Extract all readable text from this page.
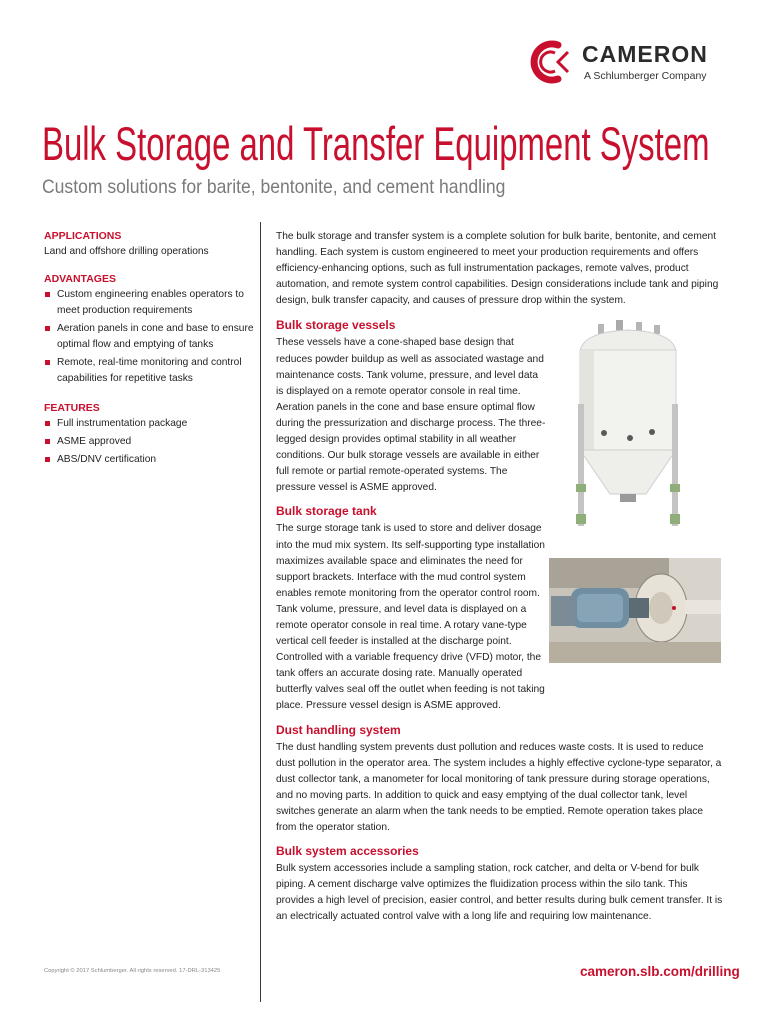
CAMERON
A Schlumberger Company
Bulk Storage and Transfer Equipment System
Custom solutions for barite, bentonite, and cement handling

APPLICATIONS

Land and offshore drilling operations

ADVANTAGES

Custom engineering enables operators to meet production requirements
Aeration panels in cone and base to ensure optimal flow and emptying of tanks
Remote, real-time monitoring and control capabilities for repetitive tasks

FEATURES

Full instrumentation package
ASME approved
ABS/DNV certification

The bulk storage and transfer system is a complete solution for bulk barite, bentonite, and cement handling. Each system is custom engineered to meet your production requirements and offers efficiency-enhancing options, such as full instrumentation packages, remote valves, product automation, and remote system control capabilities. Design considerations include tank and piping design, bulk transfer capacity, and causes of pressure drop within the system.

Bulk storage vessels

These vessels have a cone-shaped base design that reduces powder buildup as well as associated wastage and maintenance costs. Tank volume, pressure, and level data is displayed on a remote operator console in real time. Aeration panels in the cone and base ensure optimal flow during the pressurization and discharge process. The three-legged design provides optimal stability in all weather conditions. Our bulk storage vessels are available in either full remote or partial remote-operated systems. The pressure vessel is ASME approved.

Bulk storage tank

The surge storage tank is used to store and deliver dosage into the mud mix system. Its self-supporting type installation maximizes available space and eliminates the need for support brackets. Interface with the mud control system enables remote monitoring from the operator control room. Tank volume, pressure, and level data is displayed on a remote operator console in real time. A rotary vane-type vertical cell feeder is installed at the discharge point. Controlled with a variable frequency drive (VFD) motor, the tank offers an accurate dosing rate. Manually operated butterfly valves seal off the outlet when feeding is not taking place. Pressure vessel design is ASME approved.

Dust handling system

The dust handling system prevents dust pollution and reduces waste costs. It is used to reduce dust pollution in the operator area. The system includes a highly effective cyclone-type separator, a dust collector tank, a manometer for local monitoring of tank pressure during storage operations, and no moving parts. In addition to quick and easy emptying of the dual collector tank, level switches generate an alarm when the tank needs to be emptied. Remote operation takes place from the operator station.

Bulk system accessories

Bulk system accessories include a sampling station, rock catcher, and delta or V-bend for bulk piping. A cement discharge valve optimizes the fluidization process within the silo tank. This provides a high level of precision, easier control, and better results during bulk cement transfer. It is an electrically actuated control valve with a long life and requiring low maintenance.

Copyright © 2017 Schlumberger. All rights reserved. 17-DRL-313425	cameron.slb.com/drilling
